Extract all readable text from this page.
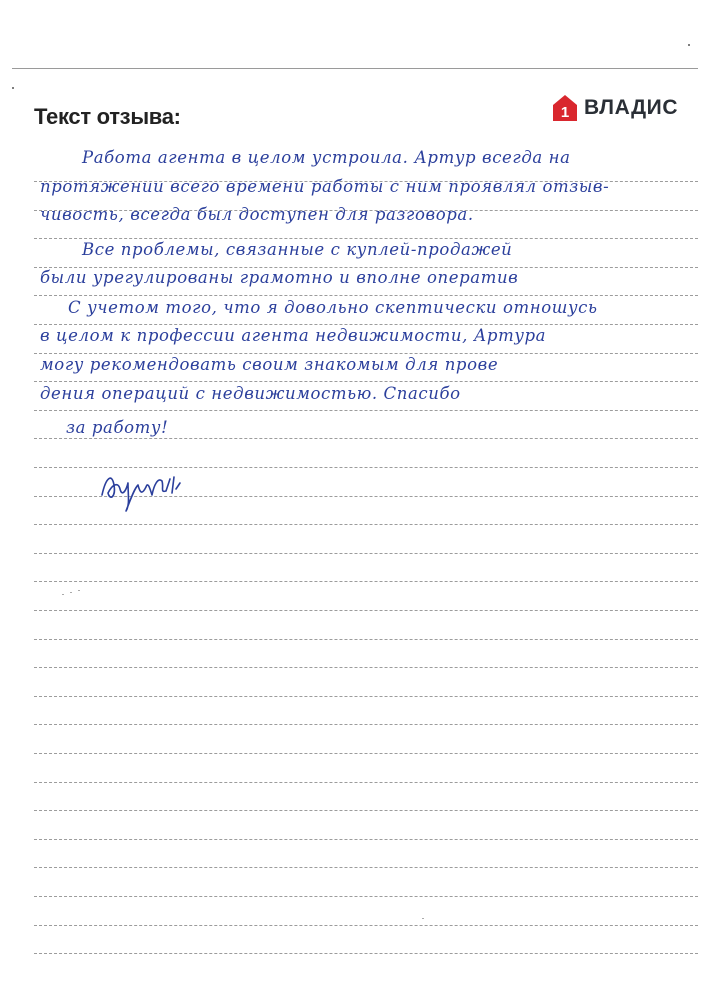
Текст отзыва:	1 ВЛАДИС
Работа агента в целом устроила. Артур всегда на
протяжении всего времени работы с ним проявлял отзыв-
чивость, всегда был доступен для разговора.
Все проблемы, связанные с куплей-продажей
были урегулированы грамотно и вполне оператив
С учетом того, что я довольно скептически отношусь
в целом к профессии агента недвижимости, Артура
могу рекомендовать своим знакомым для прове
дения операций с недвижимостью. Спасибо
за работу!
